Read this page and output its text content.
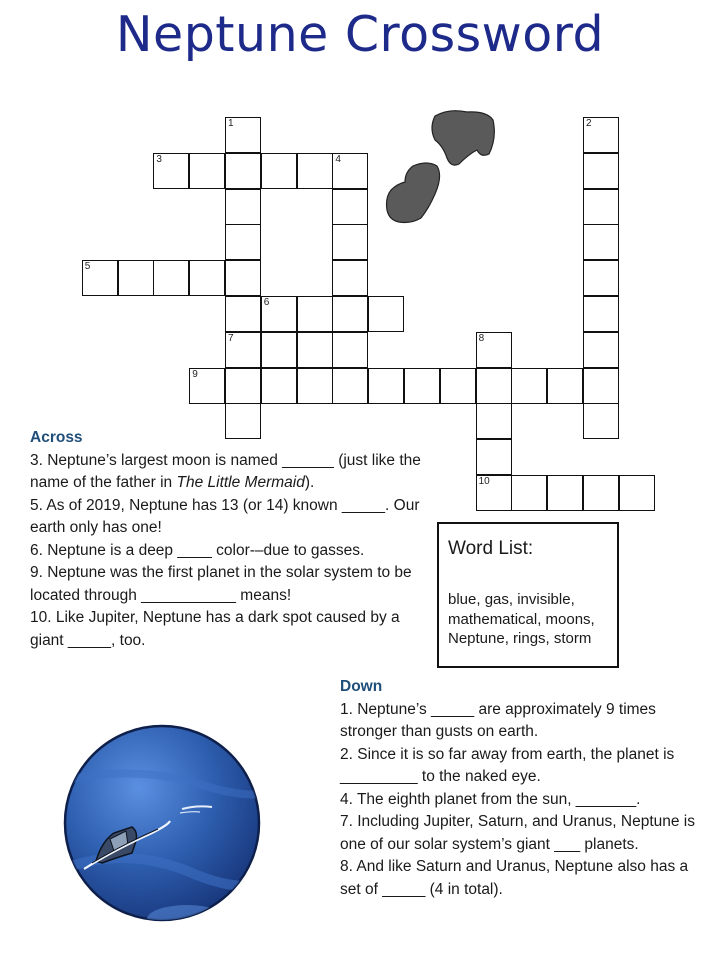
Neptune Crossword
1
7
2
3	4
5
6
8
10
9

Across

3. Neptune’s largest moon is named ______ (just like the name of the father in The Little Mermaid).

5. As of 2019, Neptune has 13 (or 14) known _____. Our earth only has one!

6. Neptune is a deep ____ color-–due to gasses.

9. Neptune was the first planet in the solar system to be located through ___________ means!

10. Like Jupiter, Neptune has a dark spot caused by a giant _____, too.

Word List:
blue, gas, invisible, mathematical, moons, Neptune, rings, storm

Down

1. Neptune’s _____ are approximately 9 times stronger than gusts on earth.

2. Since it is so far away from earth, the planet is _________ to the naked eye.

4. The eighth planet from the sun, _______.

7. Including Jupiter, Saturn, and Uranus, Neptune is one of our solar system’s giant ___ planets.

8. And like Saturn and Uranus, Neptune also has a set of _____ (4 in total).
